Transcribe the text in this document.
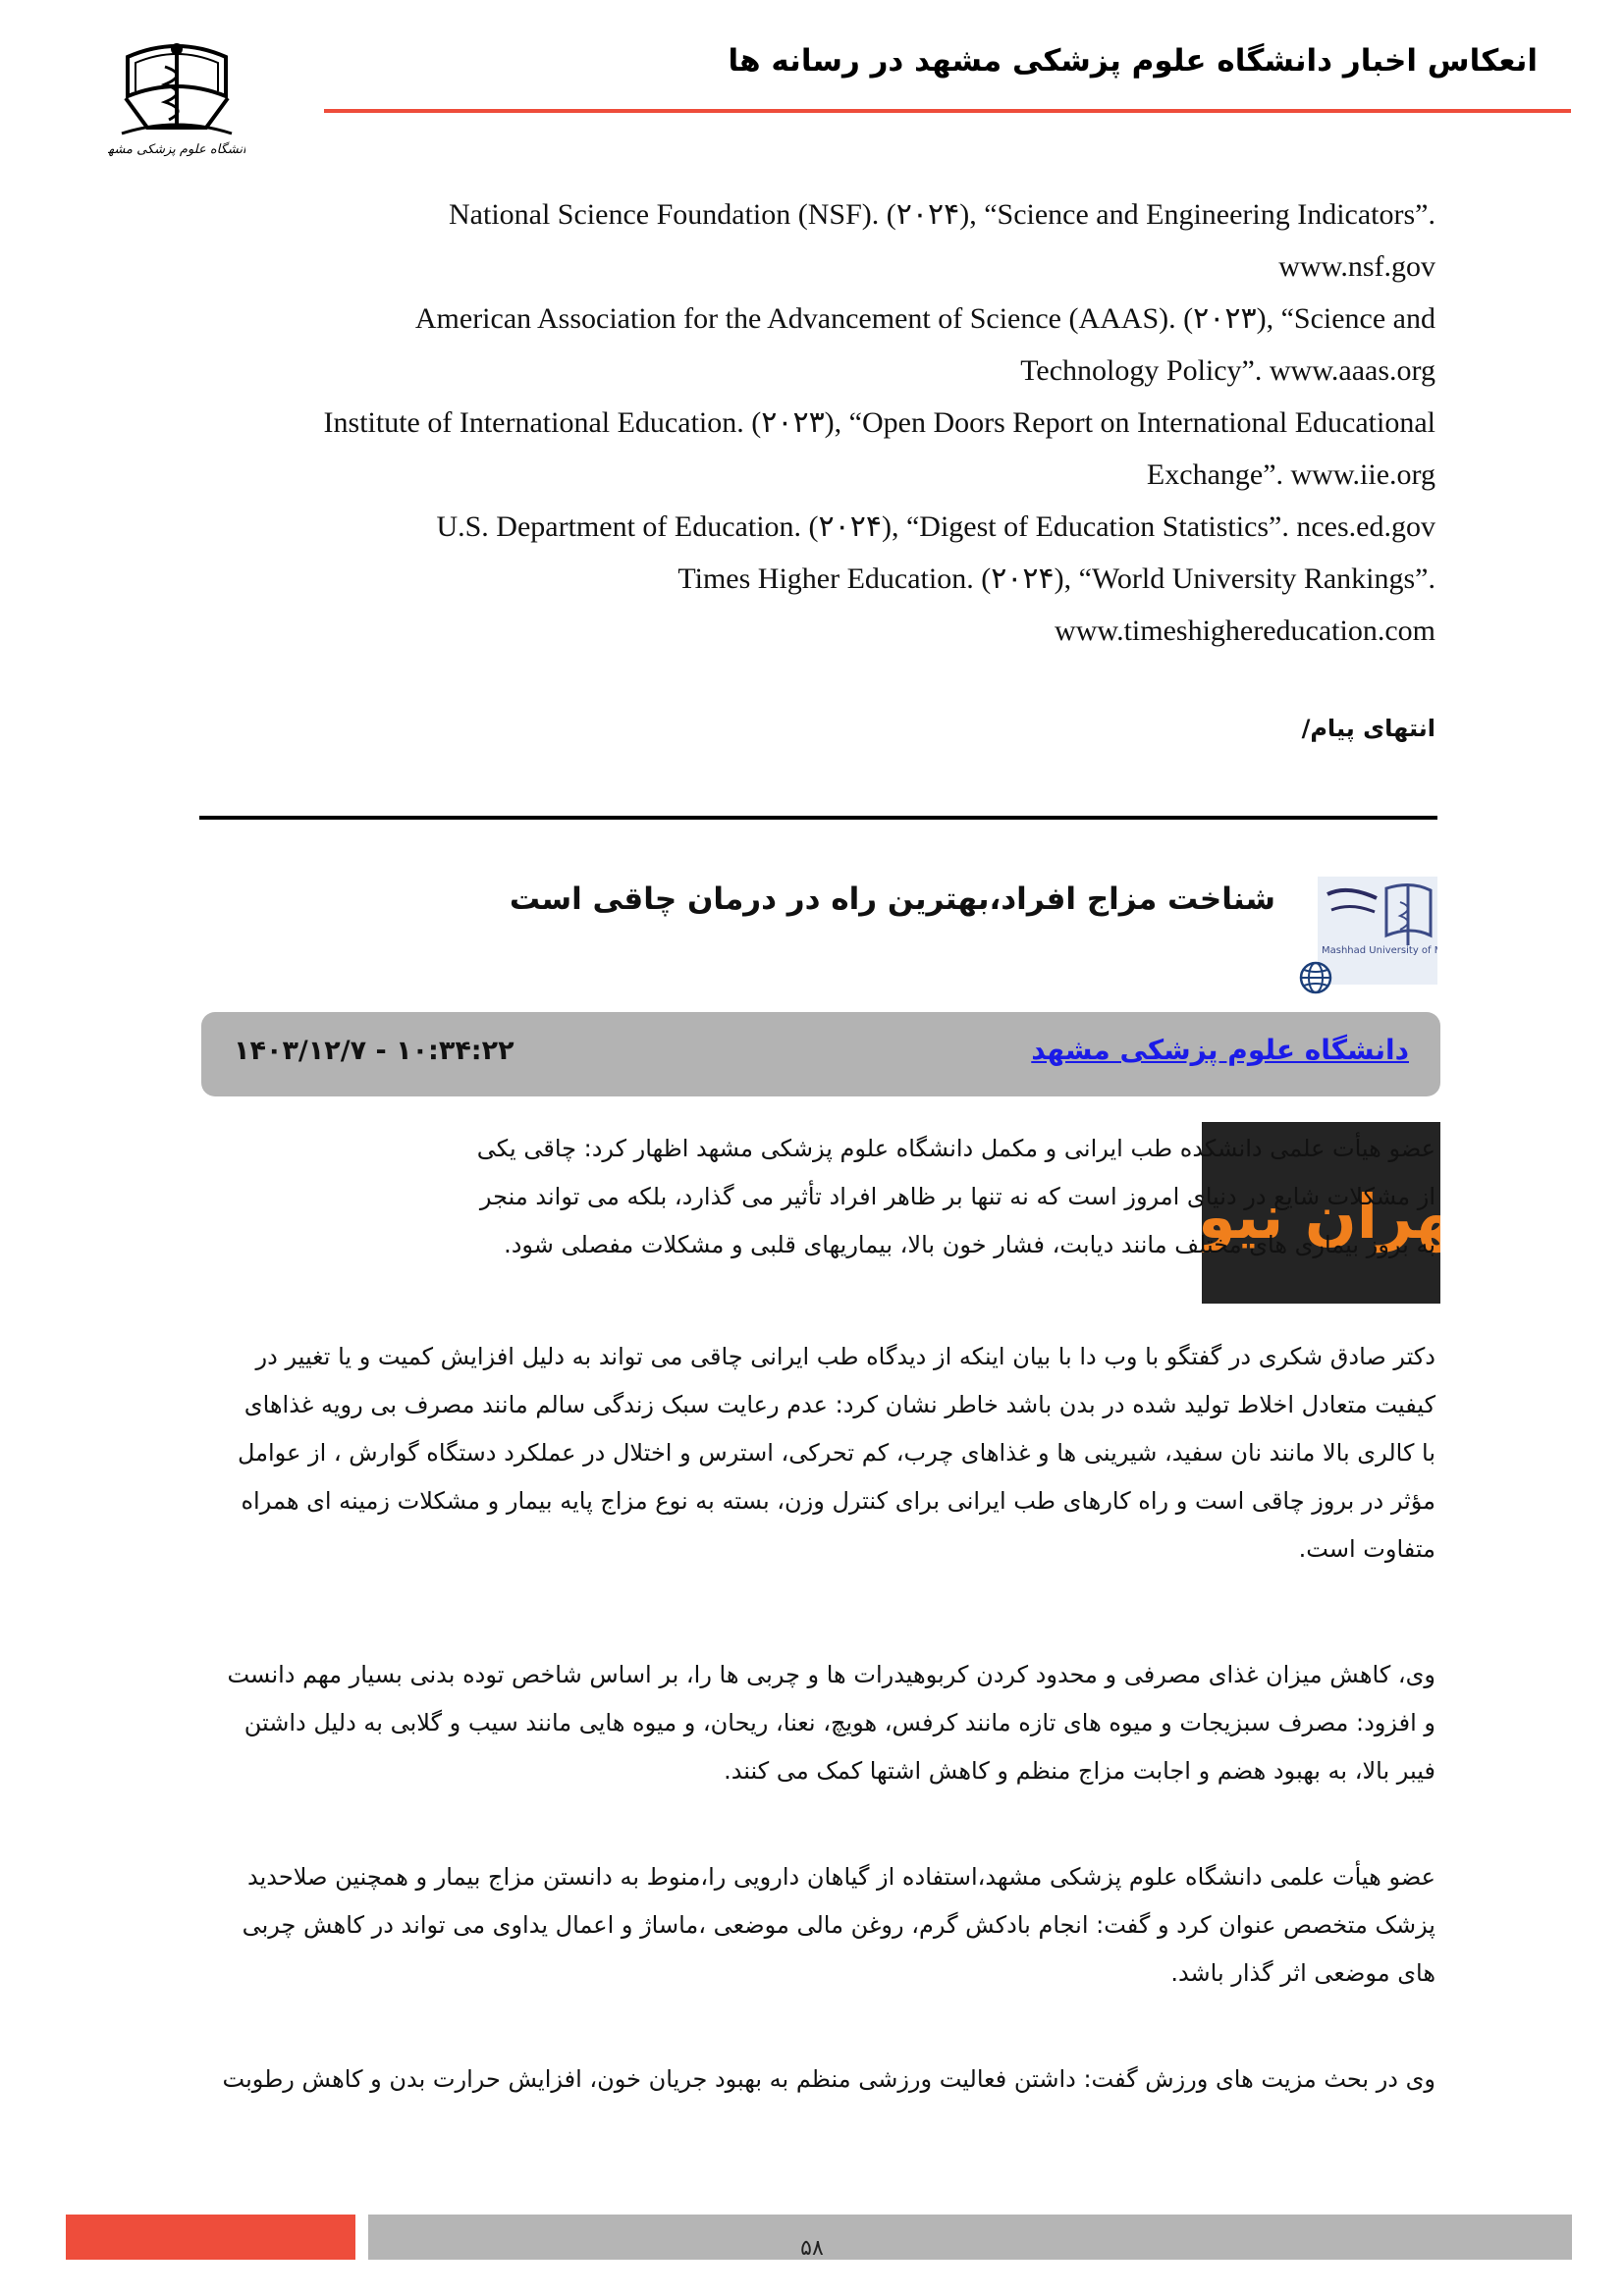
انعکاس اخبار دانشگاه علوم پزشکی مشهد در رسانه ها
دانشگاه علوم پزشکی مشهد
National Science Foundation (NSF). (۲۰۲۴), “Science and Engineering Indicators”.
www.nsf.gov
American Association for the Advancement of Science (AAAS). (۲۰۲۳), “Science and
Technology Policy”. www.aaas.org
Institute of International Education. (۲۰۲۳), “Open Doors Report on International Educational
Exchange”. www.iie.org
U.S. Department of Education. (۲۰۲۴), “Digest of Education Statistics”. nces.ed.gov
Times Higher Education. (۲۰۲۴), “World University Rankings”.
www.timeshighereducation.com
انتهای پیام/
شناخت مزاج افراد،بهترین راه در درمان چاقی است
Mashhad University of
دانشگاه علوم پزشکی مشهد
۱۴۰۳/۱۲/۷ - ۱۰:۳۴:۲۲
هران نیو
عضو هیأت علمی دانشکده طب ایرانی و مکمل دانشگاه علوم پزشکی مشهد اظهار کرد: چاقی یکی
از مشکلات شایع در دنیای امروز است که نه تنها بر ظاهر افراد تأثیر می گذارد، بلکه می تواند منجر
به بروز بیماری های مختلف مانند دیابت، فشار خون بالا، بیماریهای قلبی و مشکلات مفصلی شود.
دکتر صادق شکری در گفتگو با وب دا با بیان اینکه از دیدگاه طب ایرانی چاقی می تواند به دلیل افزایش کمیت و یا تغییر در
کیفیت متعادل اخلاط تولید شده در بدن باشد خاطر نشان کرد: عدم رعایت سبک زندگی سالم مانند مصرف بی رویه غذاهای
با کالری بالا مانند نان سفید، شیرینی ها و غذاهای چرب، کم تحرکی، استرس و اختلال در عملکرد دستگاه گوارش ، از عوامل
مؤثر در بروز چاقی است و راه کارهای طب ایرانی برای کنترل وزن، بسته به نوع مزاج پایه بیمار و مشکلات زمینه ای همراه
متفاوت است.
وی، کاهش میزان غذای مصرفی و محدود کردن کربوهیدرات ها و چربی ها را، بر اساس شاخص توده بدنی بسیار مهم دانست
و افزود: مصرف سبزیجات و میوه های تازه مانند کرفس، هویچ، نعنا، ریحان، و میوه هایی مانند سیب و گلابی به دلیل داشتن
فیبر بالا، به بهبود هضم و اجابت مزاج منظم و کاهش اشتها کمک می کنند.
عضو هیأت علمی دانشگاه علوم پزشکی مشهد،استفاده از گیاهان دارویی را،منوط به دانستن مزاج بیمار و همچنین صلاحدید
پزشک متخصص عنوان کرد و گفت: انجام بادکش گرم، روغن مالی موضعی ،ماساژ و اعمال یداوی می تواند در کاهش چربی
های موضعی اثر گذار باشد.
وی در بحث مزیت های ورزش گفت: داشتن فعالیت ورزشی منظم به بهبود جریان خون، افزایش حرارت بدن و کاهش رطوبت
۵۸
